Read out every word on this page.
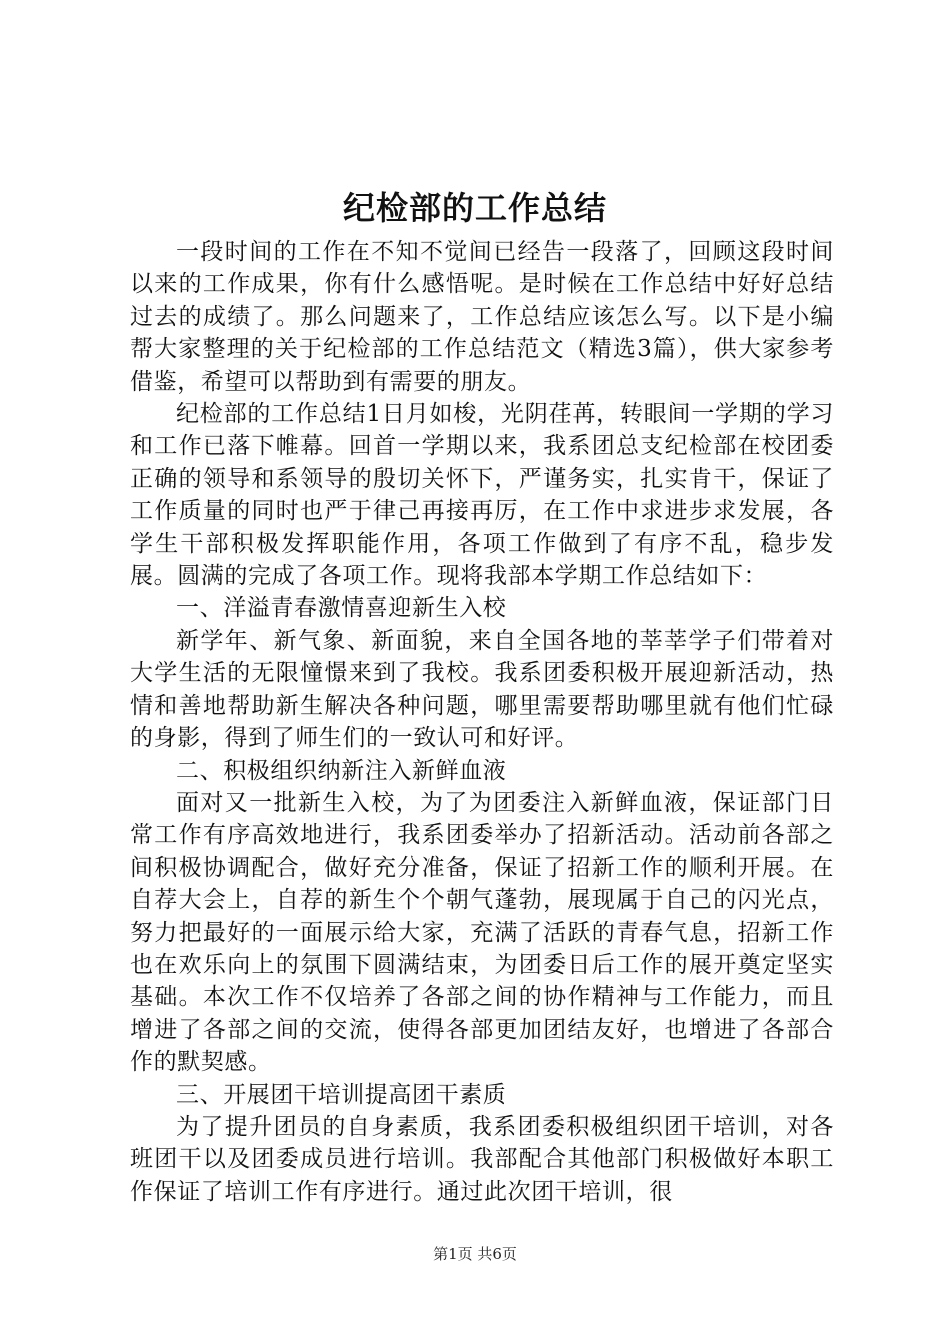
纪检部的工作总结

一段时间的工作在不知不觉间已经告一段落了，回顾这段时间以来的工作成果，你有什么感悟呢。是时候在工作总结中好好总结过去的成绩了。那么问题来了，工作总结应该怎么写。以下是小编帮大家整理的关于纪检部的工作总结范文（精选3篇），供大家参考借鉴，希望可以帮助到有需要的朋友。

纪检部的工作总结1日月如梭，光阴荏苒，转眼间一学期的学习和工作已落下帷幕。回首一学期以来，我系团总支纪检部在校团委正确的领导和系领导的殷切关怀下，严谨务实，扎实肯干，保证了工作质量的同时也严于律己再接再厉，在工作中求进步求发展，各学生干部积极发挥职能作用，各项工作做到了有序不乱，稳步发展。圆满的完成了各项工作。现将我部本学期工作总结如下：

一、洋溢青春激情喜迎新生入校

新学年、新气象、新面貌，来自全国各地的莘莘学子们带着对大学生活的无限憧憬来到了我校。我系团委积极开展迎新活动，热情和善地帮助新生解决各种问题，哪里需要帮助哪里就有他们忙碌的身影，得到了师生们的一致认可和好评。

二、积极组织纳新注入新鲜血液

面对又一批新生入校，为了为团委注入新鲜血液，保证部门日常工作有序高效地进行，我系团委举办了招新活动。活动前各部之间积极协调配合，做好充分准备，保证了招新工作的顺利开展。在自荐大会上，自荐的新生个个朝气蓬勃，展现属于自己的闪光点，努力把最好的一面展示给大家，充满了活跃的青春气息，招新工作也在欢乐向上的氛围下圆满结束，为团委日后工作的展开奠定坚实基础。本次工作不仅培养了各部之间的协作精神与工作能力，而且增进了各部之间的交流，使得各部更加团结友好，也增进了各部合作的默契感。

三、开展团干培训提高团干素质

为了提升团员的自身素质，我系团委积极组织团干培训，对各班团干以及团委成员进行培训。我部配合其他部门积极做好本职工作保证了培训工作有序进行。通过此次团干培训，很

第1页 共6页
